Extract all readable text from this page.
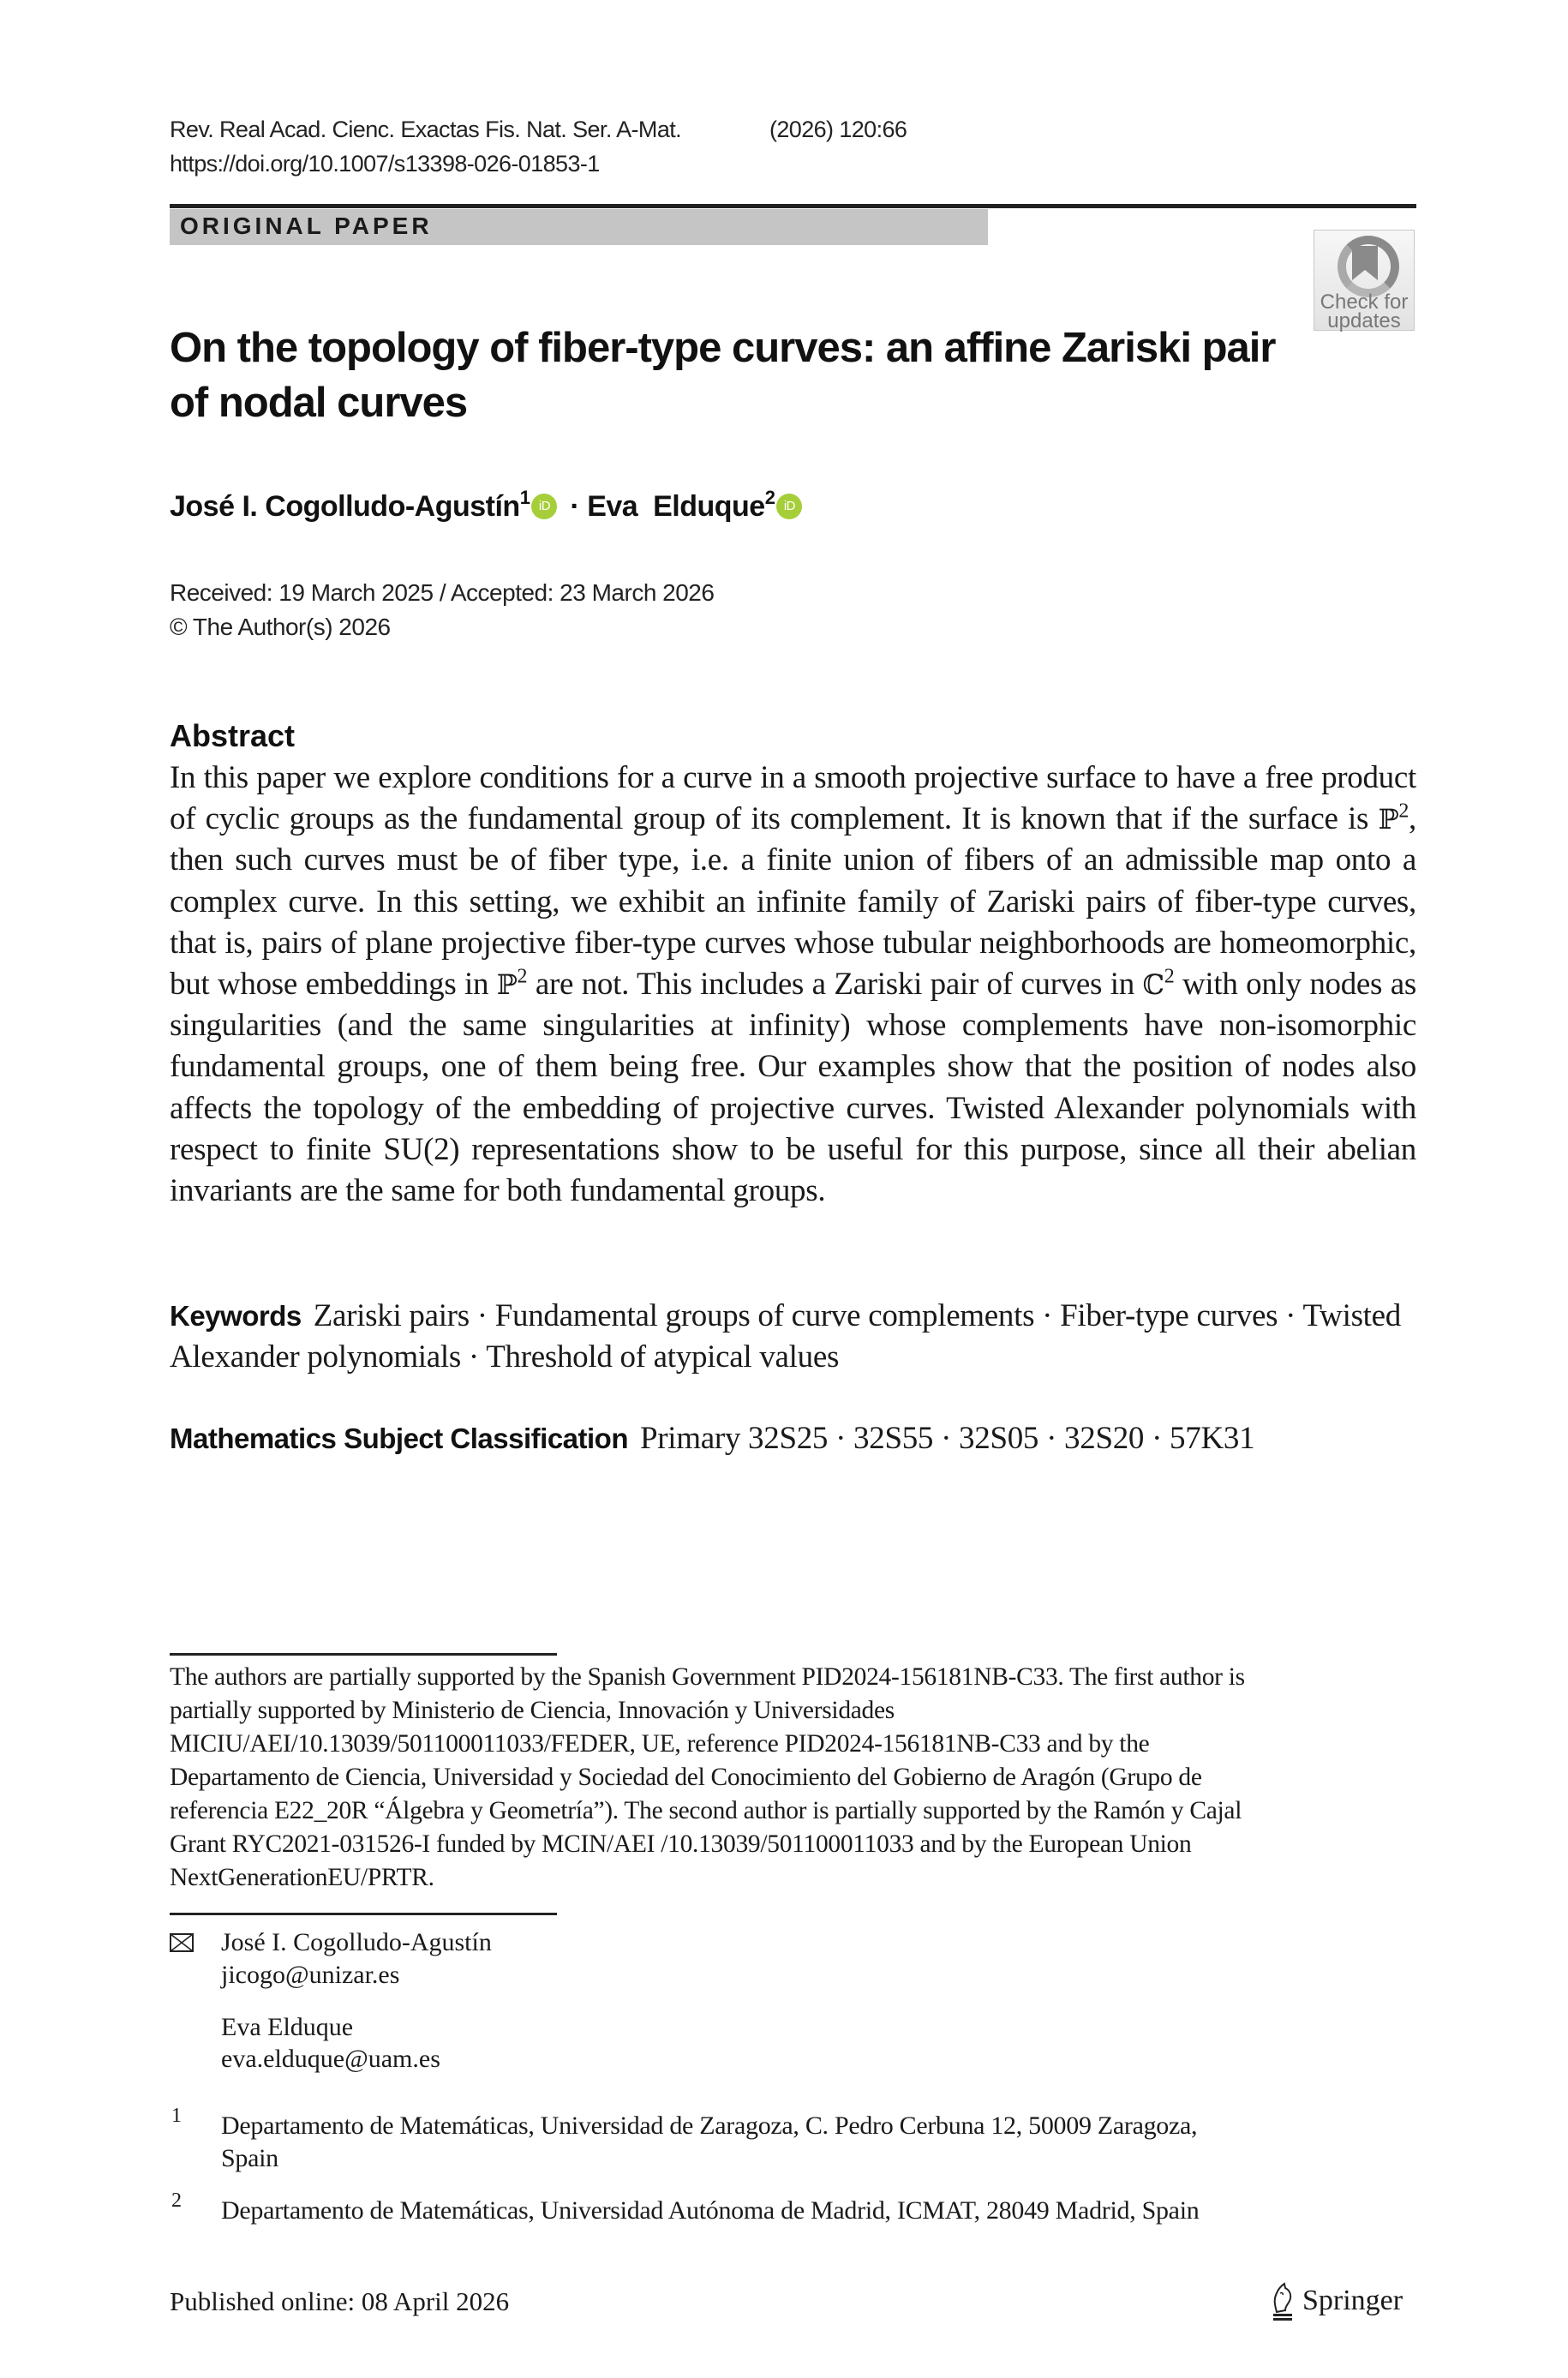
Rev. Real Acad. Cienc. Exactas Fis. Nat. Ser. A-Mat.	(2026) 120:66
https://doi.org/10.1007/s13398-026-01853-1
ORIGINAL PAPER
Check for
updates
On the topology of fiber-type curves: an affine Zariski pair of nodal curves
José I. Cogolludo-Agustín$^1$ iD · Eva  Elduque$^2$ iD
Received: 19 March 2025 / Accepted: 23 March 2026
© The Author(s) 2026
Abstract
In this paper we explore conditions for a curve in a smooth projective surface to have a free product of cyclic groups as the fundamental group of its complement. It is known that if the surface is ℙ$^2$, then such curves must be of fiber type, i.e. a finite union of fibers of an admissible map onto a complex curve. In this setting, we exhibit an infinite family of Zariski pairs of fiber-type curves, that is, pairs of plane projective fiber-type curves whose tubular neighborhoods are homeomorphic, but whose embeddings in ℙ$^2$ are not. This includes a Zariski pair of curves in ℂ$^2$ with only nodes as singularities (and the same singularities at infinity) whose complements have non-isomorphic fundamental groups, one of them being free. Our examples show that the position of nodes also affects the topology of the embedding of projective curves. Twisted Alexander polynomials with respect to finite SU(2) representations show to be useful for this purpose, since all their abelian invariants are the same for both fundamental groups.
Keywords Zariski pairs · Fundamental groups of curve complements · Fiber-type curves · Twisted Alexander polynomials · Threshold of atypical values
Mathematics Subject Classification Primary 32S25 · 32S55 · 32S05 · 32S20 · 57K31
The authors are partially supported by the Spanish Government PID2024-156181NB-C33. The first author is
partially supported by Ministerio de Ciencia, Innovación y Universidades
MICIU/AEI/10.13039/501100011033/FEDER, UE, reference PID2024-156181NB-C33 and by the
Departamento de Ciencia, Universidad y Sociedad del Conocimiento del Gobierno de Aragón (Grupo de
referencia E22_20R “Álgebra y Geometría”). The second author is partially supported by the Ramón y Cajal
Grant RYC2021-031526-I funded by MCIN/AEI /10.13039/501100011033 and by the European Union
NextGenerationEU/PRTR.
José I. Cogolludo-Agustín
jicogo@unizar.es
Eva Elduque
eva.elduque@uam.es
1 Departamento de Matemáticas, Universidad de Zaragoza, C. Pedro Cerbuna 12, 50009 Zaragoza,
Spain
2 Departamento de Matemáticas, Universidad Autónoma de Madrid, ICMAT, 28049 Madrid, Spain
Published online: 08 April 2026	Springer
